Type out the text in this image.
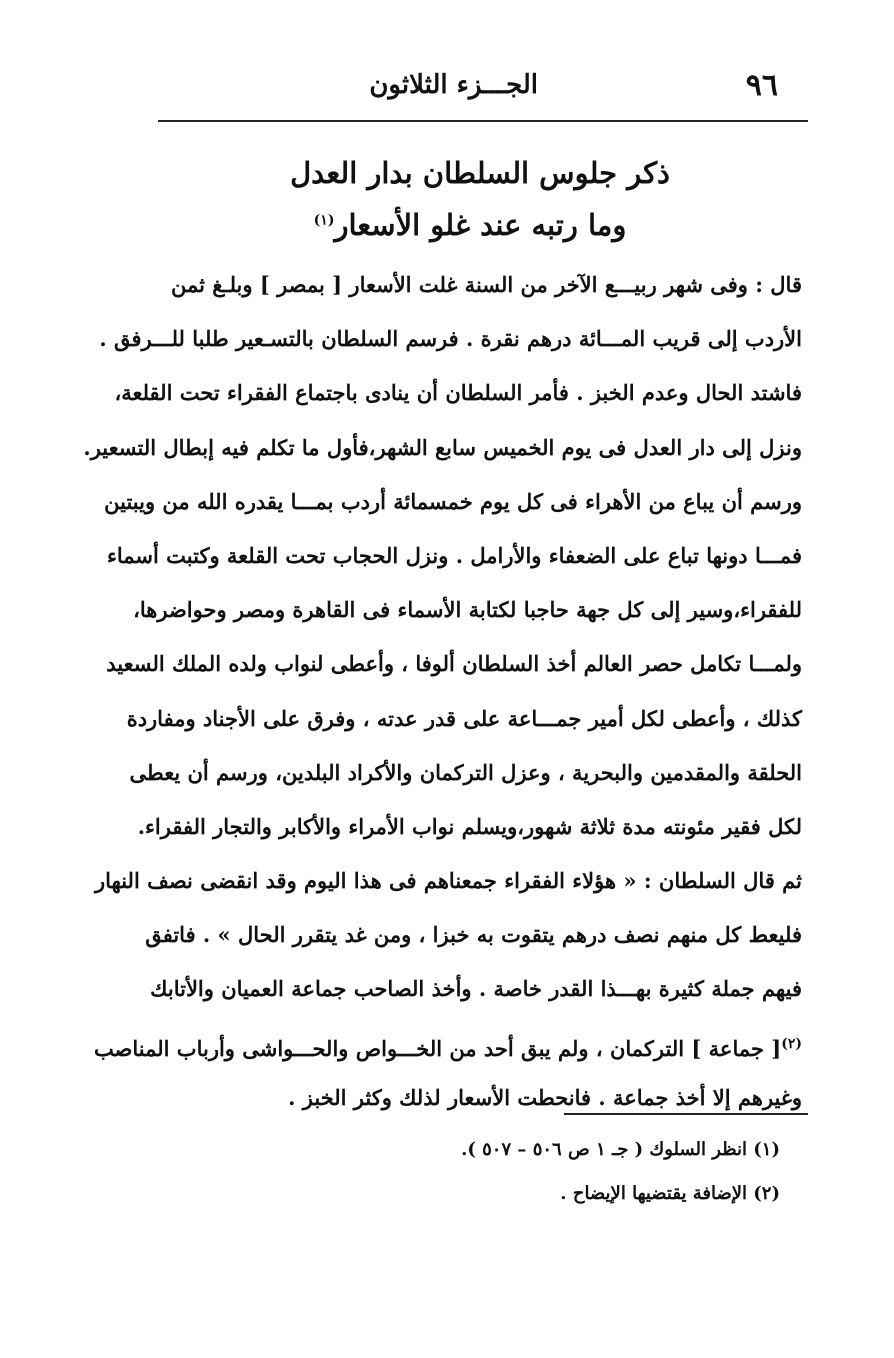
٩٦
الجـــزء الثلاثون
ذكر جلوس السلطان بدار العدل
وما رتبه عند غلو الأسعار$^{(١)}$
قال : وفى شهر ربيـــع الآخر من السنة غلت الأسعار [ بمصر ] وبلـغ ثمن
الأردب إلى قريب المـــائة درهم نقرة . فرسم السلطان بالتسـعير طلبا للـــرفق .
فاشتد الحال وعدم الخبز . فأمر السلطان أن ينادى باجتماع الفقراء تحت القلعة،
ونزل إلى دار العدل فى يوم الخميس سابع الشهر،فأول ما تكلم فيه إبطال التسعير.
ورسم أن يباع من الأهراء فى كل يوم خمسمائة أردب بمـــا يقدره الله من ويبتين
فمـــا دونها تباع على الضعفاء والأرامل . ونزل الحجاب تحت القلعة وكتبت أسماء
للفقراء،وسير إلى كل جهة حاجبا لكتابة الأسماء فى القاهرة ومصر وحواضرها،
ولمـــا تكامل حصر العالم أخذ السلطان ألوفا ، وأعطى لنواب ولده الملك السعيد
كذلك ، وأعطى لكل أمير جمـــاعة على قدر عدته ، وفرق على الأجناد ومفاردة
الحلقة والمقدمين والبحرية ، وعزل التركمان والأكراد البلدين، ورسم أن يعطى
لكل فقير مئونته مدة ثلاثة شهور،ويسلم نواب الأمراء والأكابر والتجار الفقراء.
ثم قال السلطان : « هؤلاء الفقراء جمعناهم فى هذا اليوم وقد انقضى نصف النهار
فليعط كل منهم نصف درهم يتقوت به خبزا ، ومن غد يتقرر الحال » . فاتفق
فيهم جملة كثيرة بهـــذا القدر خاصة . وأخذ الصاحب جماعة العميان والأتابك
$^{(٢)}$[ جماعة ] التركمان ، ولم يبق أحد من الخـــواص والحـــواشى وأرباب المناصب
وغيرهم إلا أخذ جماعة . فانحطت الأسعار لذلك وكثر الخبز .
(١) انظر السلوك ( جـ ١ ص ٥٠٦ – ٥٠٧ ).
(٢) الإضافة يقتضيها الإيضاح .
